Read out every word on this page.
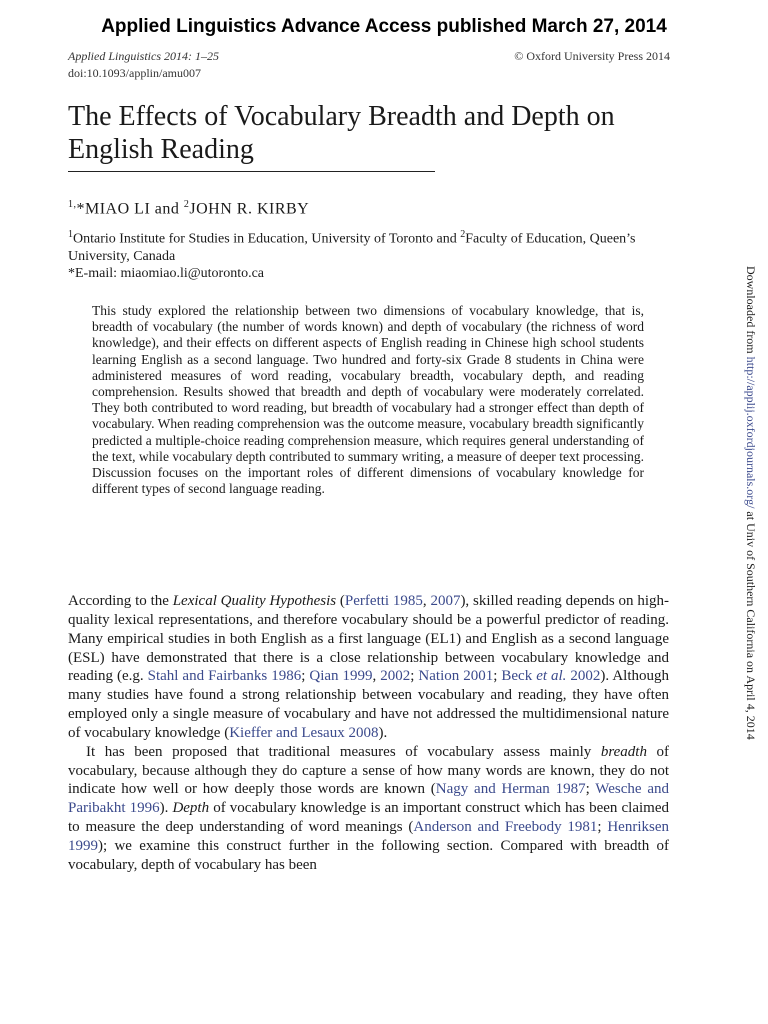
Applied Linguistics Advance Access published March 27, 2014
Applied Linguistics 2014: 1–25	© Oxford University Press 2014
doi:10.1093/applin/amu007
The Effects of Vocabulary Breadth and Depth on English Reading
$^{1,}$*MIAO LI and $^2$JOHN R. KIRBY
$^1$Ontario Institute for Studies in Education, University of Toronto and $^2$Faculty of Education, Queen’s University, Canada
*E-mail: miaomiao.li@utoronto.ca

This study explored the relationship between two dimensions of vocabulary knowledge, that is, breadth of vocabulary (the number of words known) and depth of vocabulary (the richness of word knowledge), and their effects on different aspects of English reading in Chinese high school students learning English as a second language. Two hundred and forty-six Grade 8 students in China were administered measures of word reading, vocabulary breadth, vocabulary depth, and reading comprehension. Results showed that breadth and depth of vocabulary were moderately correlated. They both contributed to word reading, but breadth of vocabulary had a stronger effect than depth of vocabulary. When reading comprehension was the outcome measure, vocabulary breadth significantly predicted a multiple-choice reading comprehension measure, which requires general understanding of the text, while vocabulary depth contributed to summary writing, a measure of deeper text processing. Discussion focuses on the important roles of different dimensions of vocabulary knowledge for different types of second language reading.

According to the Lexical Quality Hypothesis (Perfetti 1985, 2007), skilled reading depends on high-quality lexical representations, and therefore vocabulary should be a powerful predictor of reading. Many empirical studies in both English as a first language (EL1) and English as a second language (ESL) have demonstrated that there is a close relationship between vocabulary knowledge and reading (e.g. Stahl and Fairbanks 1986; Qian 1999, 2002; Nation 2001; Beck et al. 2002). Although many studies have found a strong relationship between vocabulary and reading, they have often employed only a single measure of vocabulary and have not addressed the multidimensional nature of vocabulary knowledge (Kieffer and Lesaux 2008).

It has been proposed that traditional measures of vocabulary assess mainly breadth of vocabulary, because although they do capture a sense of how many words are known, they do not indicate how well or how deeply those words are known (Nagy and Herman 1987; Wesche and Paribakht 1996). Depth of vocabulary knowledge is an important construct which has been claimed to measure the deep understanding of word meanings (Anderson and Freebody 1981; Henriksen 1999); we examine this construct further in the following section. Compared with breadth of vocabulary, depth of vocabulary has been

Downloaded from http://applij.oxfordjournals.org/ at Univ of Southern California on April 4, 2014
